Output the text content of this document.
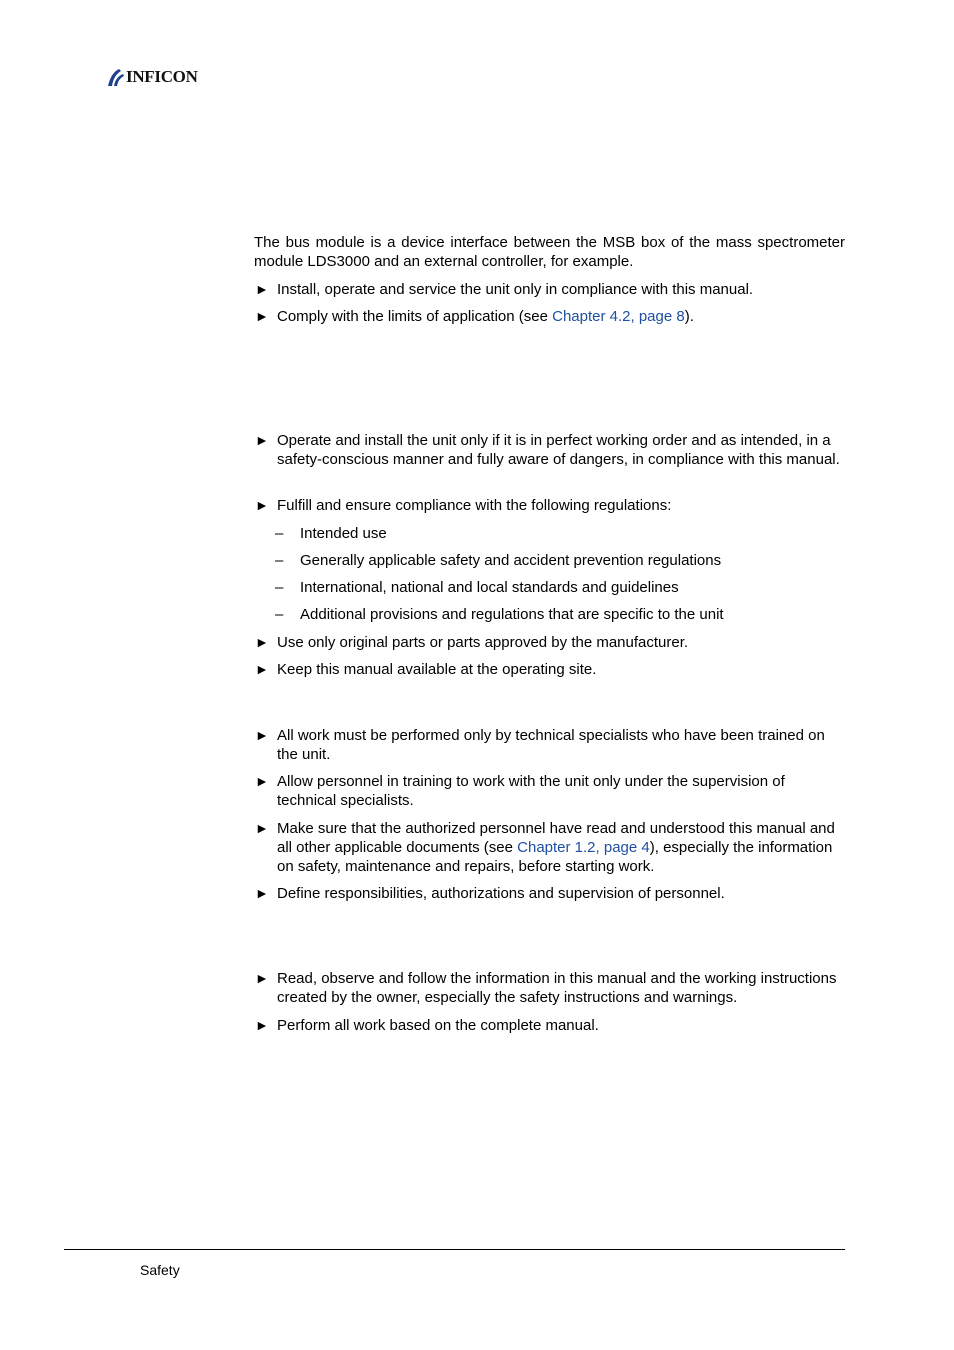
INFICON

The bus module is a device interface between the MSB box of the mass spectrometer module LDS3000 and an external controller, for example.

► Install, operate and service the unit only in compliance with this manual.
► Comply with the limits of application (see Chapter 4.2, page 8).
► Operate and install the unit only if it is in perfect working order and as intended, in a safety-conscious manner and fully aware of dangers, in compliance with this manual.
► Fulfill and ensure compliance with the following regulations:
– Intended use
– Generally applicable safety and accident prevention regulations
– International, national and local standards and guidelines
– Additional provisions and regulations that are specific to the unit
► Use only original parts or parts approved by the manufacturer.
► Keep this manual available at the operating site.
► All work must be performed only by technical specialists who have been trained on the unit.
► Allow personnel in training to work with the unit only under the supervision of technical specialists.
► Make sure that the authorized personnel have read and understood this manual and all other applicable documents (see Chapter 1.2, page 4), especially the information on safety, maintenance and repairs, before starting work.
► Define responsibilities, authorizations and supervision of personnel.
► Read, observe and follow the information in this manual and the working instructions created by the owner, especially the safety instructions and warnings.
► Perform all work based on the complete manual.
Safety
